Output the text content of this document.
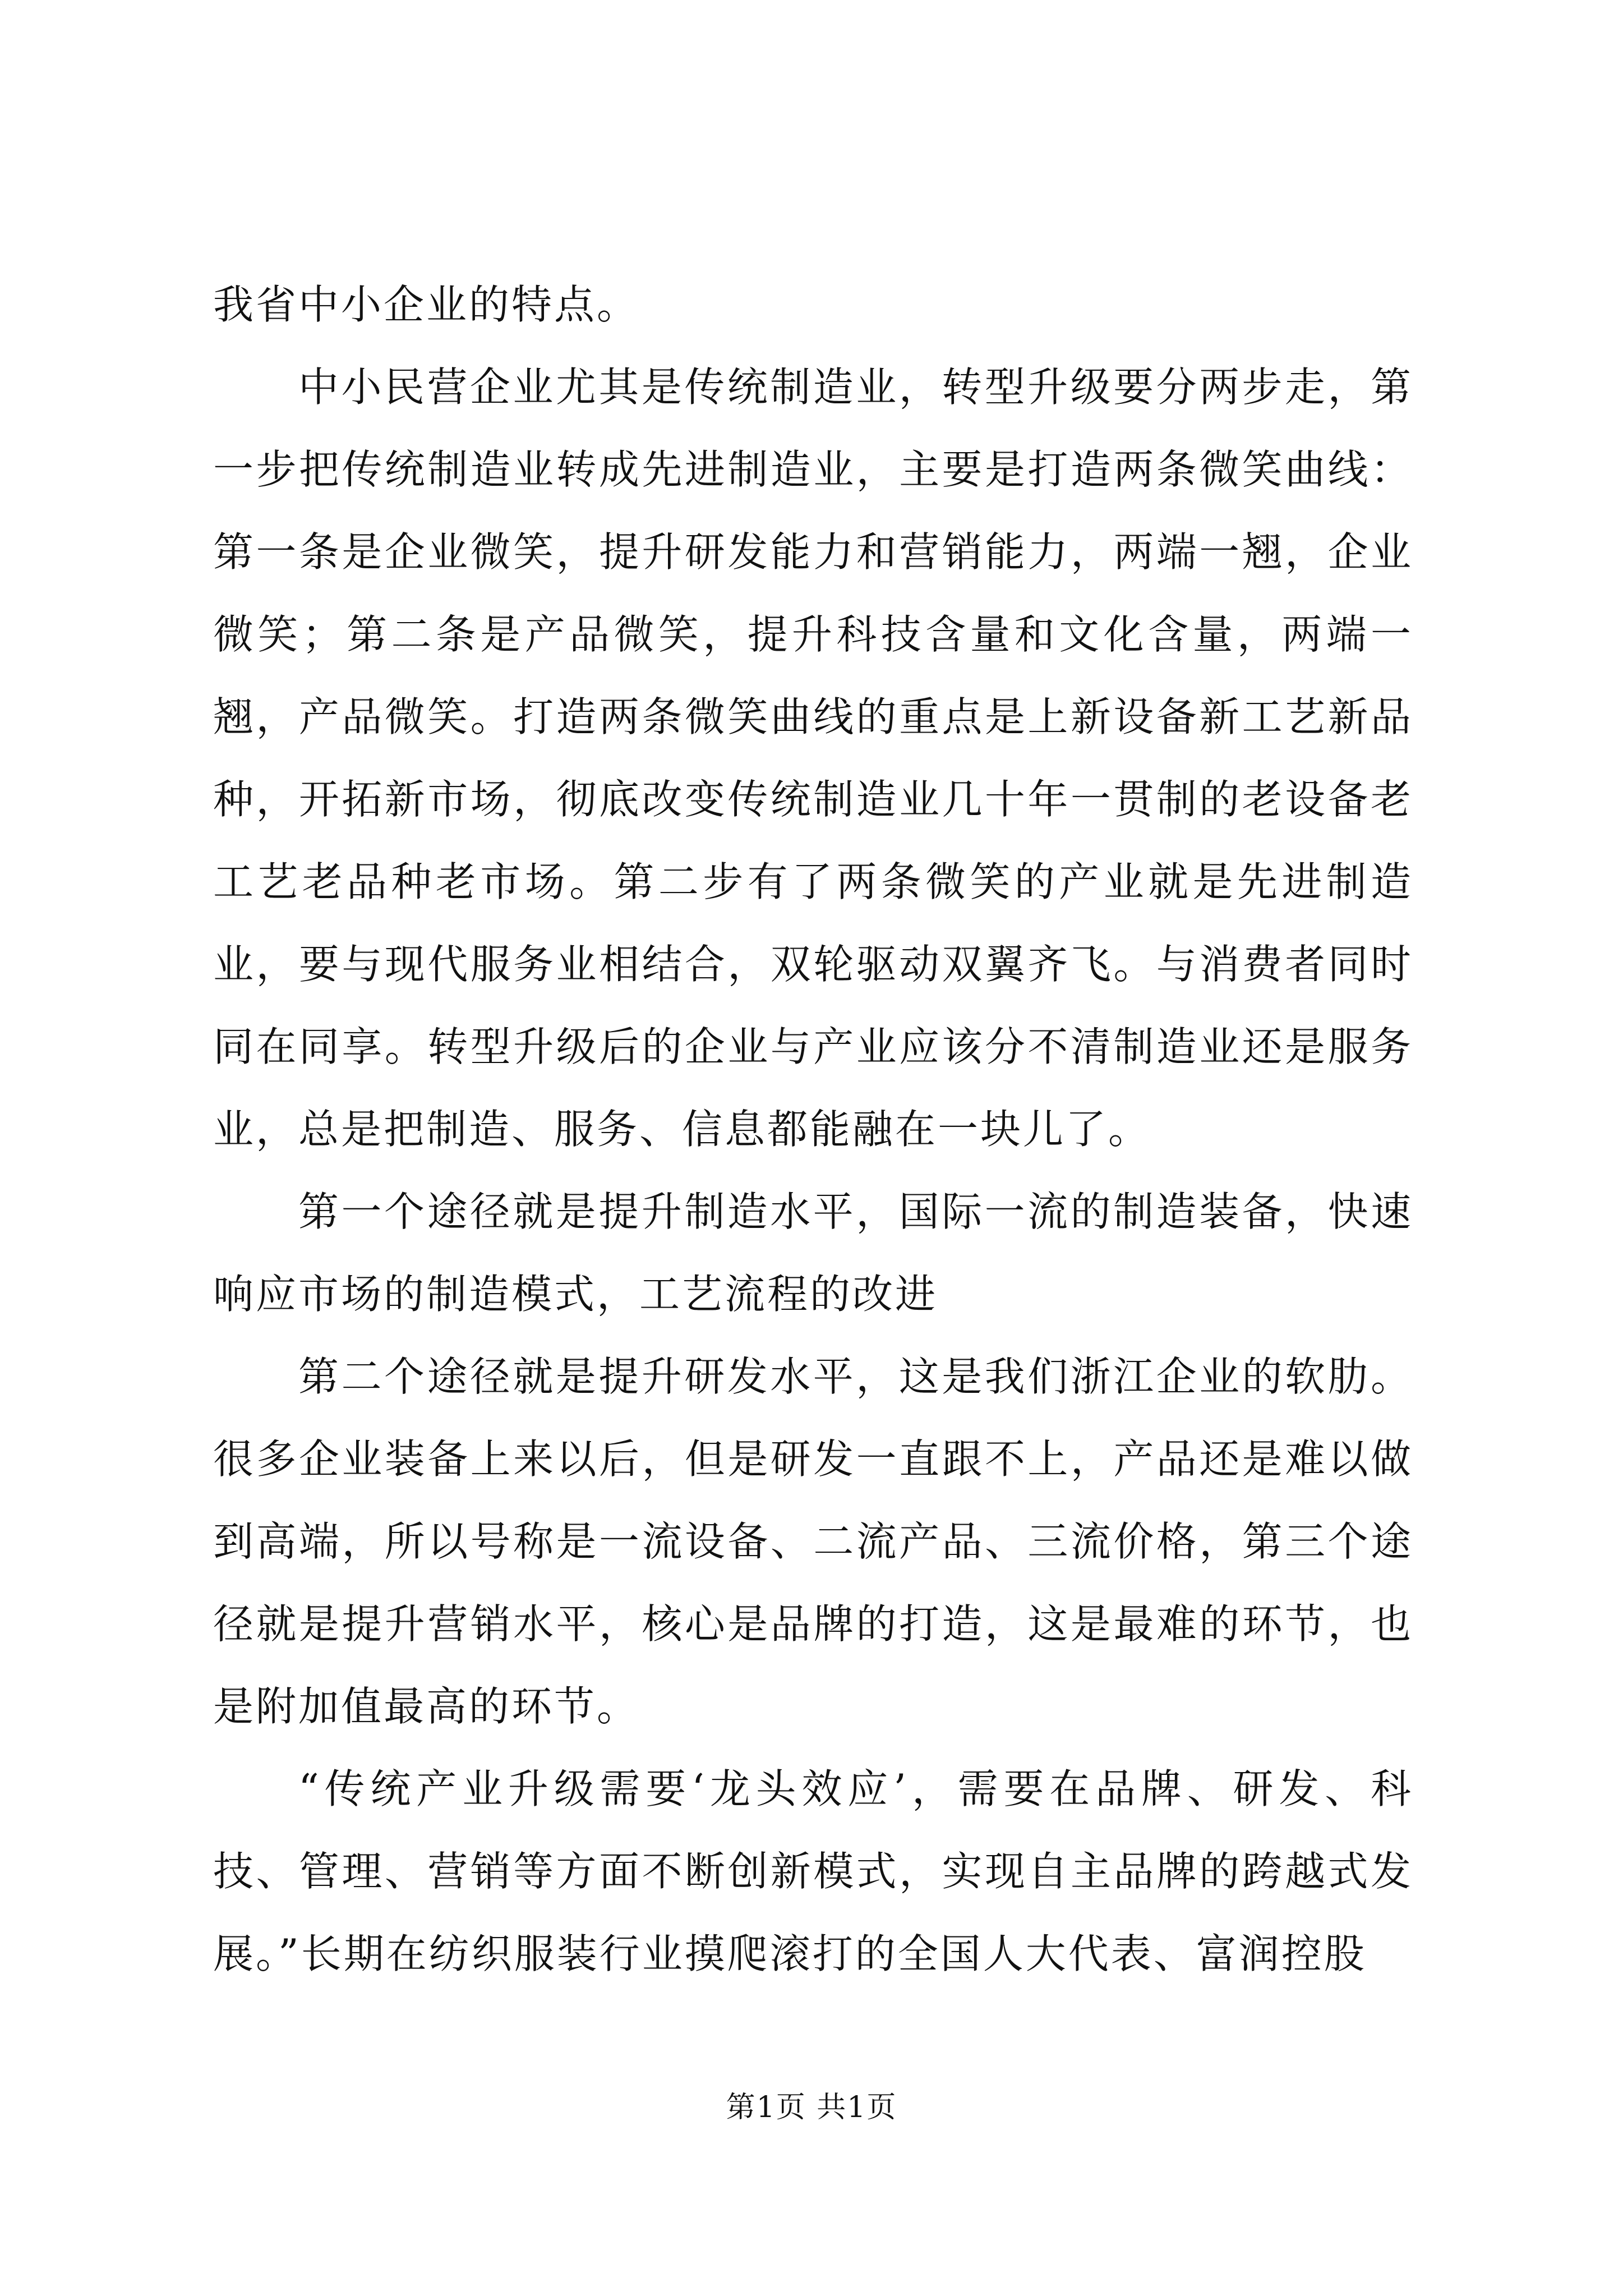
我省中小企业的特点。

中小民营企业尤其是传统制造业，转型升级要分两步走，第一步把传统制造业转成先进制造业，主要是打造两条微笑曲线：第一条是企业微笑，提升研发能力和营销能力，两端一翘，企业微笑；第二条是产品微笑，提升科技含量和文化含量，两端一翘，产品微笑。打造两条微笑曲线的重点是上新设备新工艺新品种，开拓新市场，彻底改变传统制造业几十年一贯制的老设备老工艺老品种老市场。第二步有了两条微笑的产业就是先进制造业，要与现代服务业相结合，双轮驱动双翼齐飞。与消费者同时同在同享。转型升级后的企业与产业应该分不清制造业还是服务业，总是把制造、服务、信息都能融在一块儿了。

第一个途径就是提升制造水平，国际一流的制造装备，快速响应市场的制造模式，工艺流程的改进

第二个途径就是提升研发水平，这是我们浙江企业的软肋。很多企业装备上来以后，但是研发一直跟不上，产品还是难以做到高端，所以号称是一流设备、二流产品、三流价格，第三个途径就是提升营销水平，核心是品牌的打造，这是最难的环节，也是附加值最高的环节。

“传统产业升级需要‘龙头效应’，需要在品牌、研发、科技、管理、营销等方面不断创新模式，实现自主品牌的跨越式发展。”长期在纺织服装行业摸爬滚打的全国人大代表、富润控股

第1页 共1页
